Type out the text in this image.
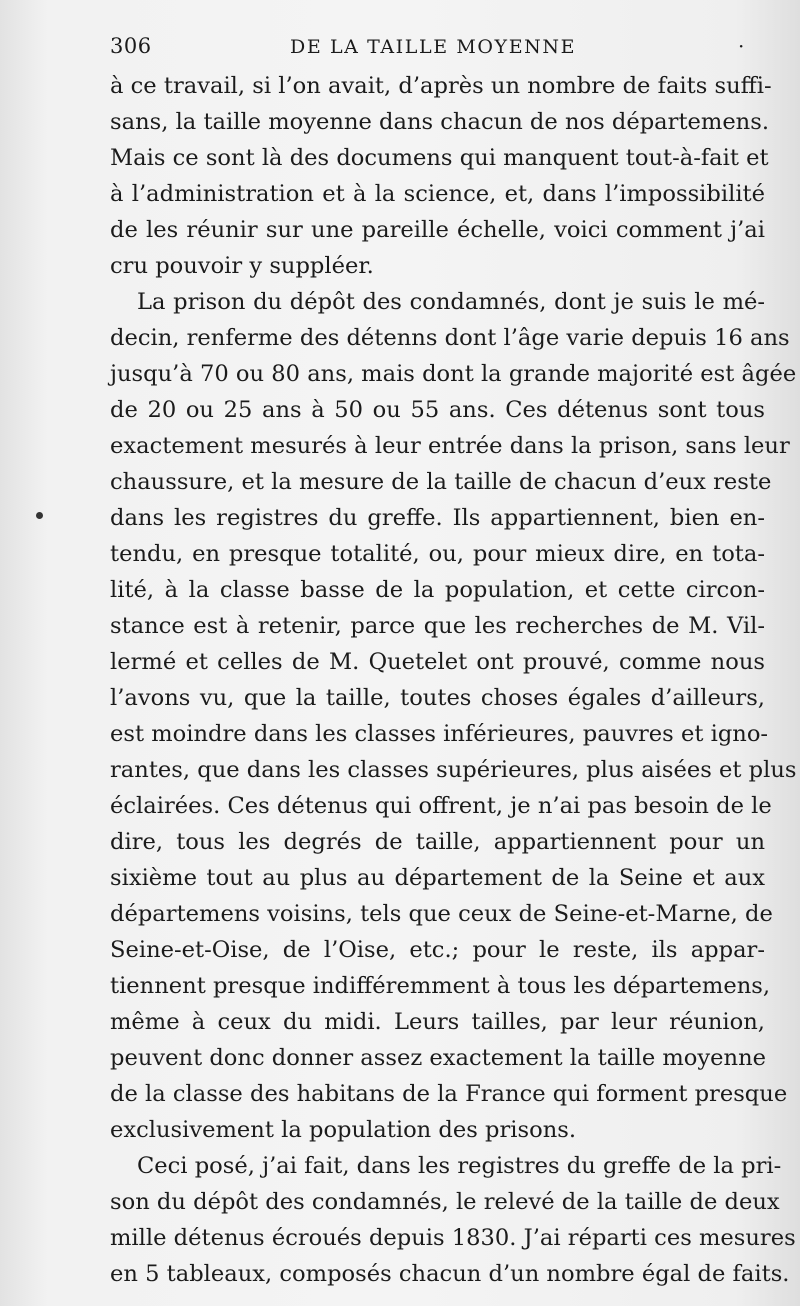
306	DE LA TAILLE MOYENNE	·
à ce travail, si l’on avait, d’après un nombre de faits suffi-
sans, la taille moyenne dans chacun de nos départemens.
Mais ce sont là des documens qui manquent tout-à-fait et
à l’administration et à la science, et, dans l’impossibilité
de les réunir sur une pareille échelle, voici comment j’ai
cru pouvoir y suppléer.
La prison du dépôt des condamnés, dont je suis le mé-
decin, renferme des détenns dont l’âge varie depuis 16 ans
jusqu’à 70 ou 80 ans, mais dont la grande majorité est âgée
de 20 ou 25 ans à 50 ou 55 ans. Ces détenus sont tous
exactement mesurés à leur entrée dans la prison, sans leur
chaussure, et la mesure de la taille de chacun d’eux reste
dans les registres du greffe. Ils appartiennent, bien en-
tendu, en presque totalité, ou, pour mieux dire, en tota-
lité, à la classe basse de la population, et cette circon-
stance est à retenir, parce que les recherches de M. Vil-
lermé et celles de M. Quetelet ont prouvé, comme nous
l’avons vu, que la taille, toutes choses égales d’ailleurs,
est moindre dans les classes inférieures, pauvres et igno-
rantes, que dans les classes supérieures, plus aisées et plus
éclairées. Ces détenus qui offrent, je n’ai pas besoin de le
dire, tous les degrés de taille, appartiennent pour un
sixième tout au plus au département de la Seine et aux
départemens voisins, tels que ceux de Seine-et-Marne, de
Seine-et-Oise, de l’Oise, etc.; pour le reste, ils appar-
tiennent presque indifféremment à tous les départemens,
même à ceux du midi. Leurs tailles, par leur réunion,
peuvent donc donner assez exactement la taille moyenne
de la classe des habitans de la France qui forment presque
exclusivement la population des prisons.
Ceci posé, j’ai fait, dans les registres du greffe de la pri-
son du dépôt des condamnés, le relevé de la taille de deux
mille détenus écroués depuis 1830. J’ai réparti ces mesures
en 5 tableaux, composés chacun d’un nombre égal de faits.
